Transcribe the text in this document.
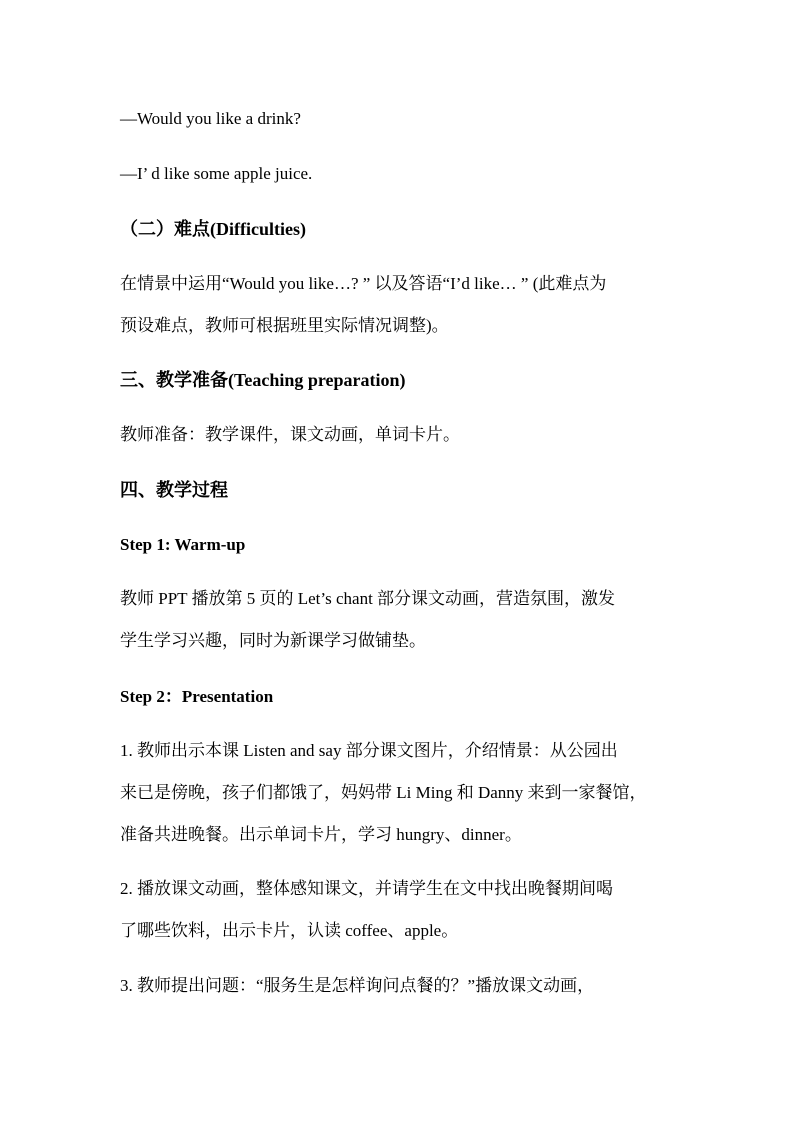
—Would you like a drink?
—I’ d like some apple juice.
（二）难点(Difficulties)
在情景中运用“Would you like…? ” 以及答语“I’d like… ” (此难点为
预设难点，教师可根据班里实际情况调整)。
三、教学准备(Teaching preparation)
教师准备：教学课件，课文动画，单词卡片。
四、教学过程
Step 1: Warm-up
教师 PPT 播放第 5 页的 Let’s chant 部分课文动画，营造氛围，激发
学生学习兴趣，同时为新课学习做铺垫。
Step 2：Presentation
1. 教师出示本课 Listen and say 部分课文图片，介绍情景：从公园出
来已是傍晚，孩子们都饿了，妈妈带 Li Ming 和 Danny 来到一家餐馆，
准备共进晚餐。出示单词卡片，学习 hungry、dinner。
2. 播放课文动画，整体感知课文，并请学生在文中找出晚餐期间喝
了哪些饮料，出示卡片，认读 coffee、apple。
3. 教师提出问题：“服务生是怎样询问点餐的？”播放课文动画，
